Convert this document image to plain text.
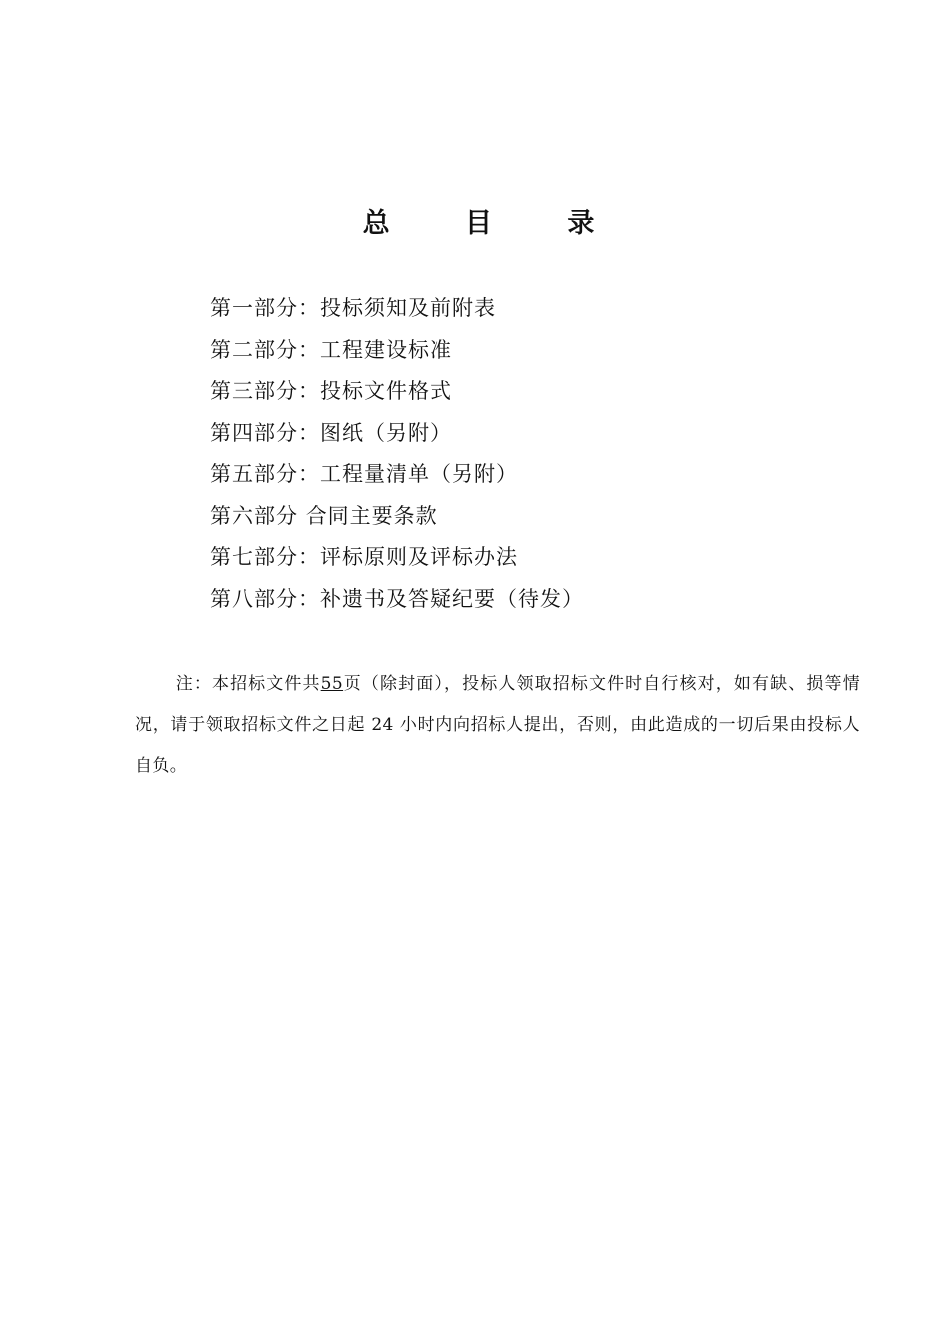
总 目 录
第一部分：投标须知及前附表
第二部分：工程建设标准
第三部分：投标文件格式
第四部分：图纸（另附）
第五部分：工程量清单（另附）
第六部分 合同主要条款
第七部分：评标原则及评标办法
第八部分：补遗书及答疑纪要（待发）
注：本招标文件共55页（除封面），投标人领取招标文件时自行核对，如有缺、损等情况，请于领取招标文件之日起 24 小时内向招标人提出，否则，由此造成的一切后果由投标人自负。
